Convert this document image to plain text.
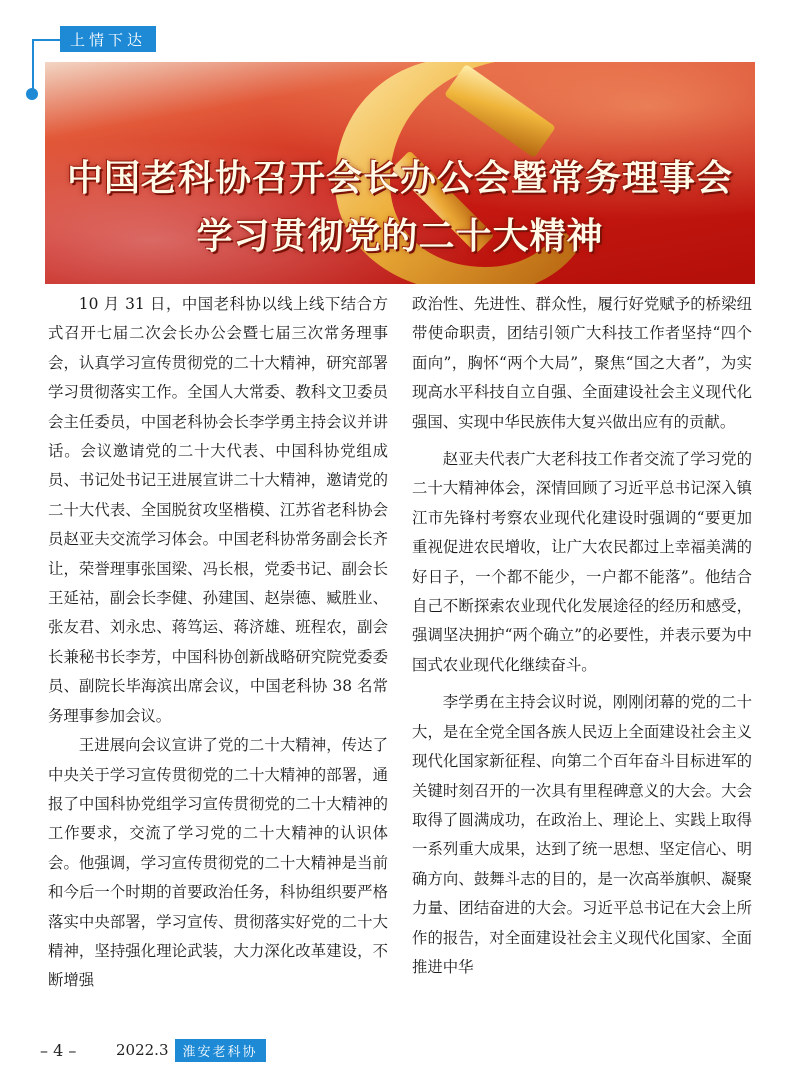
上情下达
中国老科协召开会长办公会暨常务理事会
学习贯彻党的二十大精神

10 月 31 日，中国老科协以线上线下结合方式召开七届二次会长办公会暨七届三次常务理事会，认真学习宣传贯彻党的二十大精神，研究部署学习贯彻落实工作。全国人大常委、教科文卫委员会主任委员，中国老科协会长李学勇主持会议并讲话。会议邀请党的二十大代表、中国科协党组成员、书记处书记王进展宣讲二十大精神，邀请党的二十大代表、全国脱贫攻坚楷模、江苏省老科协会员赵亚夫交流学习体会。中国老科协常务副会长齐让，荣誉理事张国梁、冯长根，党委书记、副会长王延祜，副会长李健、孙建国、赵崇德、臧胜业、张友君、刘永忠、蒋笃运、蒋济雄、班程农，副会长兼秘书长李芳，中国科协创新战略研究院党委委员、副院长毕海滨出席会议，中国老科协 38 名常务理事参加会议。

王进展向会议宣讲了党的二十大精神，传达了中央关于学习宣传贯彻党的二十大精神的部署，通报了中国科协党组学习宣传贯彻党的二十大精神的工作要求，交流了学习党的二十大精神的认识体会。他强调，学习宣传贯彻党的二十大精神是当前和今后一个时期的首要政治任务，科协组织要严格落实中央部署，学习宣传、贯彻落实好党的二十大精神，坚持强化理论武装，大力深化改革建设，不断增强

政治性、先进性、群众性，履行好党赋予的桥梁纽带使命职责，团结引领广大科技工作者坚持“四个面向”，胸怀“两个大局”，聚焦“国之大者”，为实现高水平科技自立自强、全面建设社会主义现代化强国、实现中华民族伟大复兴做出应有的贡献。

赵亚夫代表广大老科技工作者交流了学习党的二十大精神体会，深情回顾了习近平总书记深入镇江市先锋村考察农业现代化建设时强调的“要更加重视促进农民增收，让广大农民都过上幸福美满的好日子，一个都不能少，一户都不能落”。他结合自己不断探索农业现代化发展途径的经历和感受，强调坚决拥护“两个确立”的必要性，并表示要为中国式农业现代化继续奋斗。

李学勇在主持会议时说，刚刚闭幕的党的二十大，是在全党全国各族人民迈上全面建设社会主义现代化国家新征程、向第二个百年奋斗目标进军的关键时刻召开的一次具有里程碑意义的大会。大会取得了圆满成功，在政治上、理论上、实践上取得一系列重大成果，达到了统一思想、坚定信心、明确方向、鼓舞斗志的目的，是一次高举旗帜、凝聚力量、团结奋进的大会。习近平总书记在大会上所作的报告，对全面建设社会主义现代化国家、全面推进中华

– 4 –	2022.3	淮安老科协
